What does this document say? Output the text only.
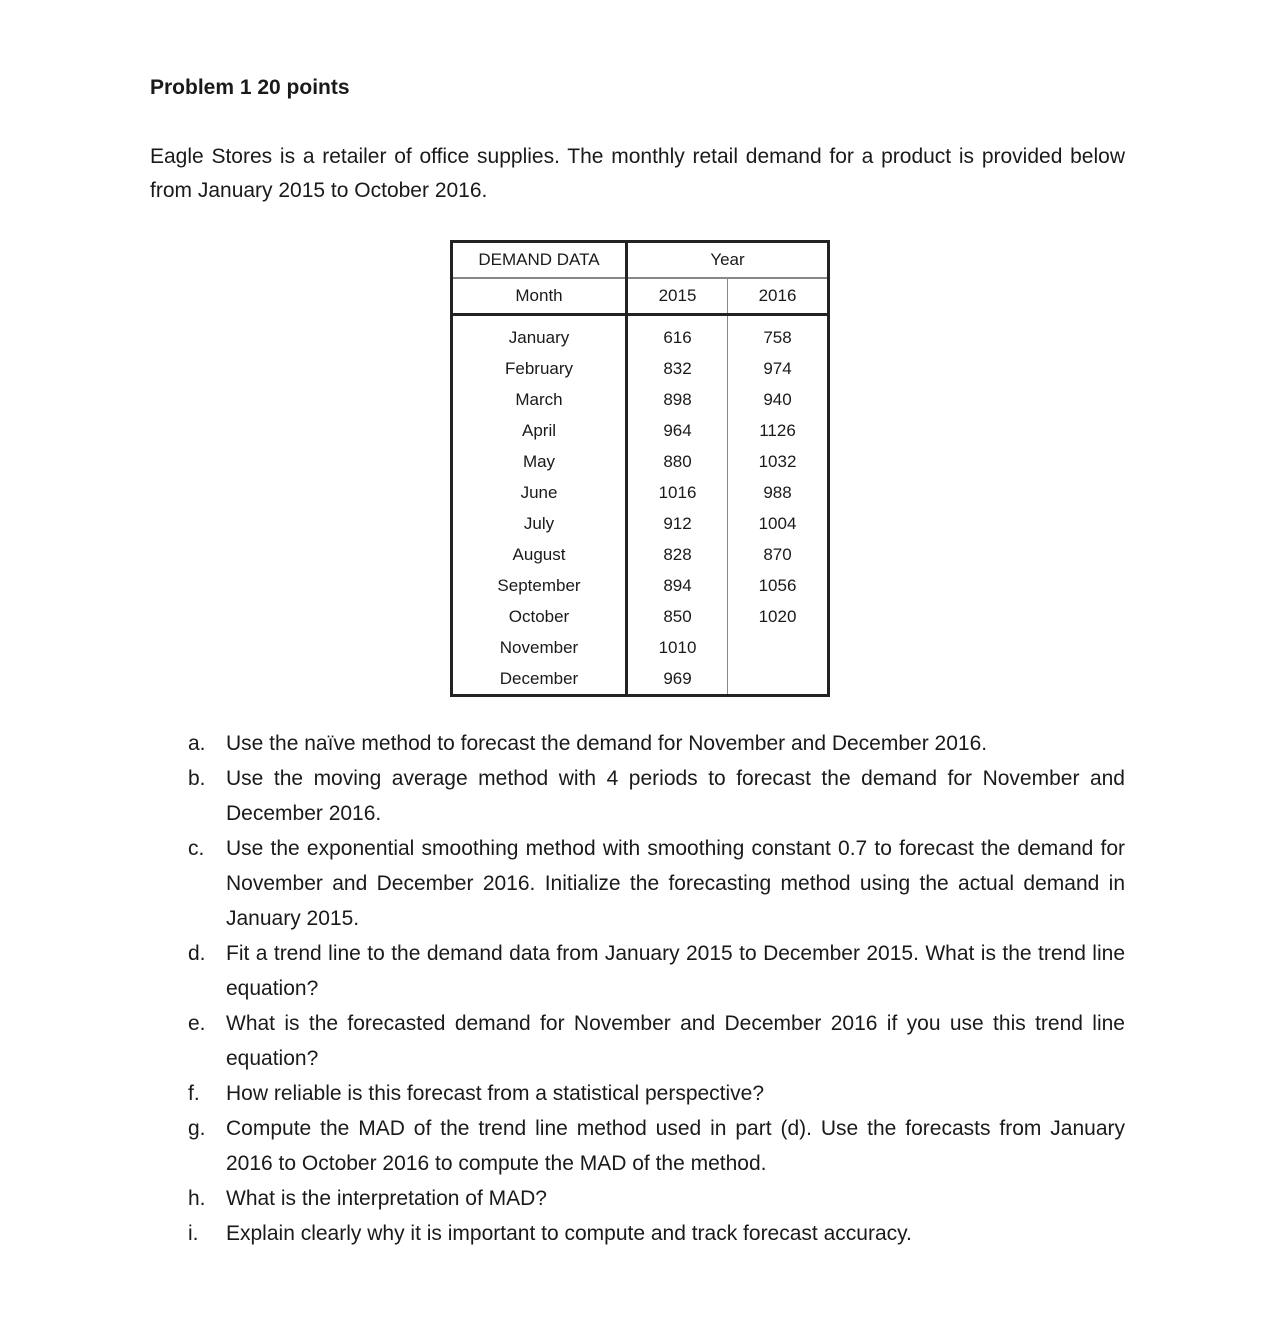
Problem 1 20 points
Eagle Stores is a retailer of office supplies. The monthly retail demand for a product is provided below from January 2015 to October 2016.
DEMAND DATA	Year	
Month	2015	2016
January	616	758
February	832	974
March	898	940
April	964	1126
May	880	1032
June	1016	988
July	912	1004
August	828	870
September	894	1056
October	850	1020
November	1010	
December	969	
a. Use the naïve method to forecast the demand for November and December 2016.
b. Use the moving average method with 4 periods to forecast the demand for November and December 2016.
c. Use the exponential smoothing method with smoothing constant 0.7 to forecast the demand for November and December 2016. Initialize the forecasting method using the actual demand in January 2015.
d. Fit a trend line to the demand data from January 2015 to December 2015. What is the trend line equation?
e. What is the forecasted demand for November and December 2016 if you use this trend line equation?
f. How reliable is this forecast from a statistical perspective?
g. Compute the MAD of the trend line method used in part (d). Use the forecasts from January 2016 to October 2016 to compute the MAD of the method.
h. What is the interpretation of MAD?
i. Explain clearly why it is important to compute and track forecast accuracy.
